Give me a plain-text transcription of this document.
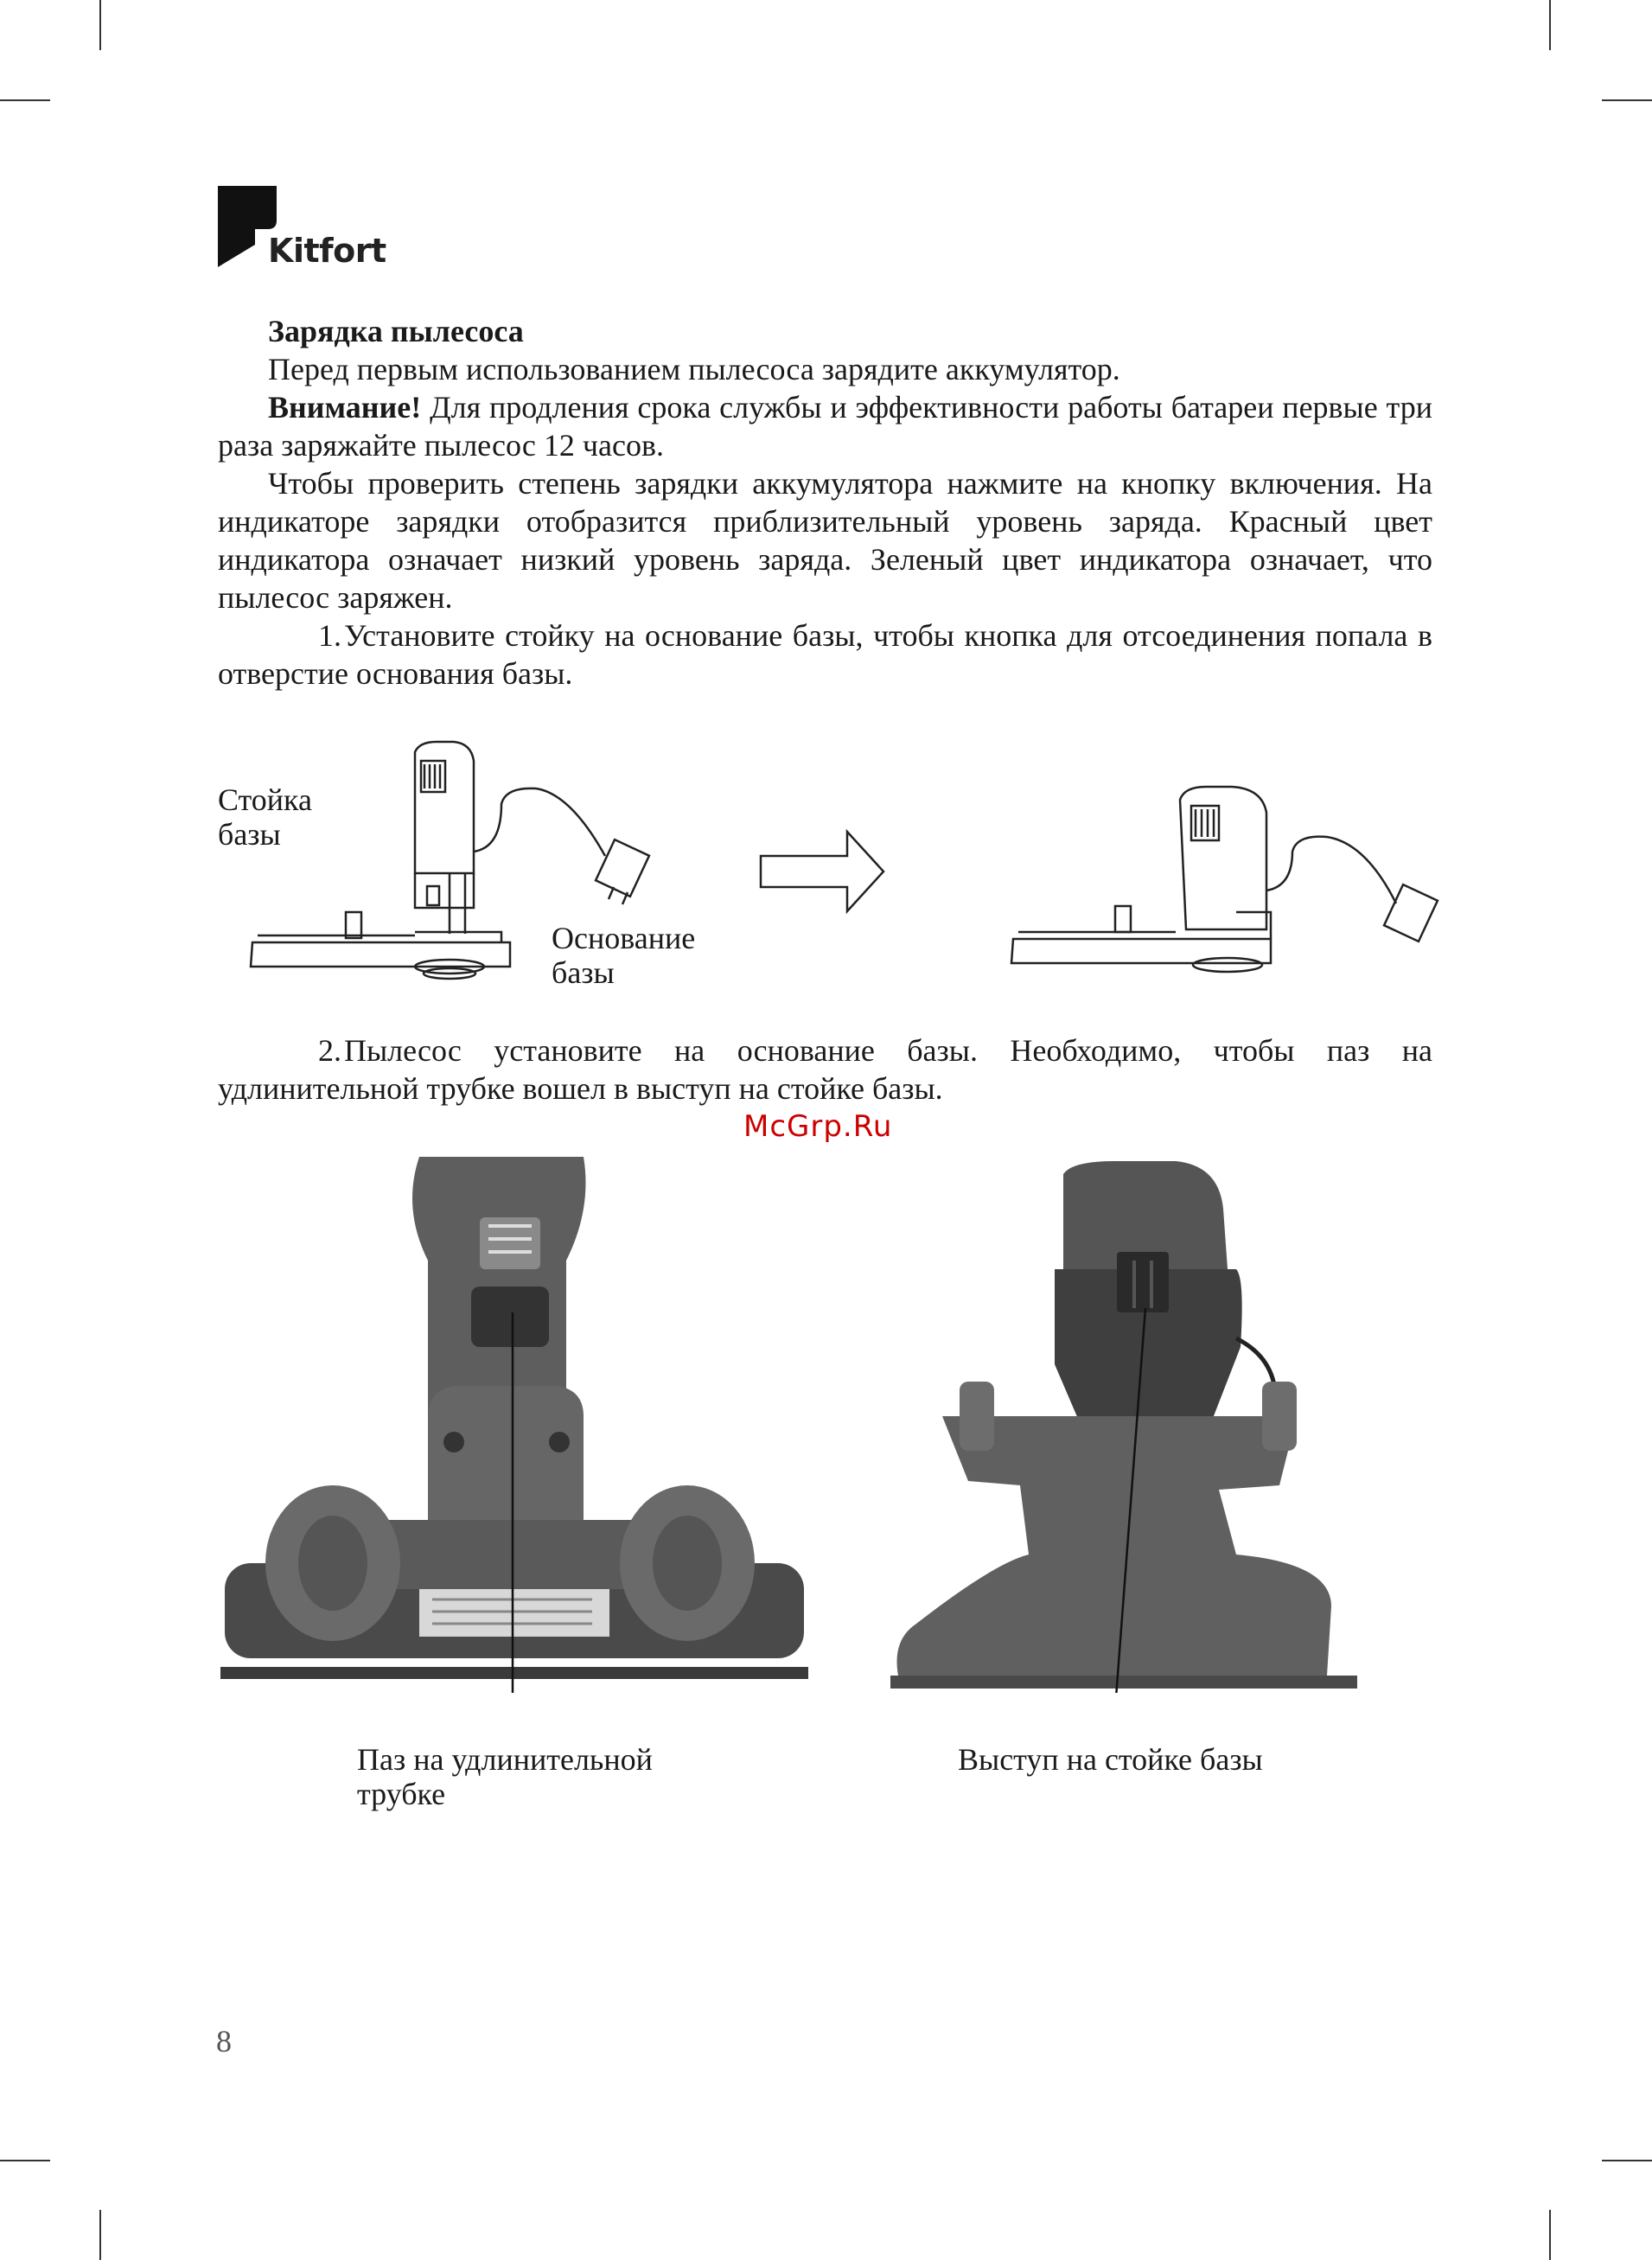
Kitfort

Зарядка пылесоса

Перед первым использованием пылесоса зарядите аккумулятор.

Внимание! Для продления срока службы и эффективности работы батареи первые три раза заряжайте пылесос 12 часов.

Чтобы проверить степень зарядки аккумулятора нажмите на кнопку включения. На индикаторе зарядки отобразится приблизительный уровень заряда. Красный цвет индикатора означает низкий уровень заряда. Зеленый цвет индикатора означает, что пылесос заряжен.

1.Установите стойку на основание базы, чтобы кнопка для отсоединения попала в отверстие основания базы.

Стойка
базы
Основание
базы

2.Пылесос установите на основание базы. Необходимо, чтобы паз на удлинительной трубке вошел в выступ на стойке базы.

McGrp.Ru
Паз на удлинительной
трубке
Выступ на стойке базы
8
